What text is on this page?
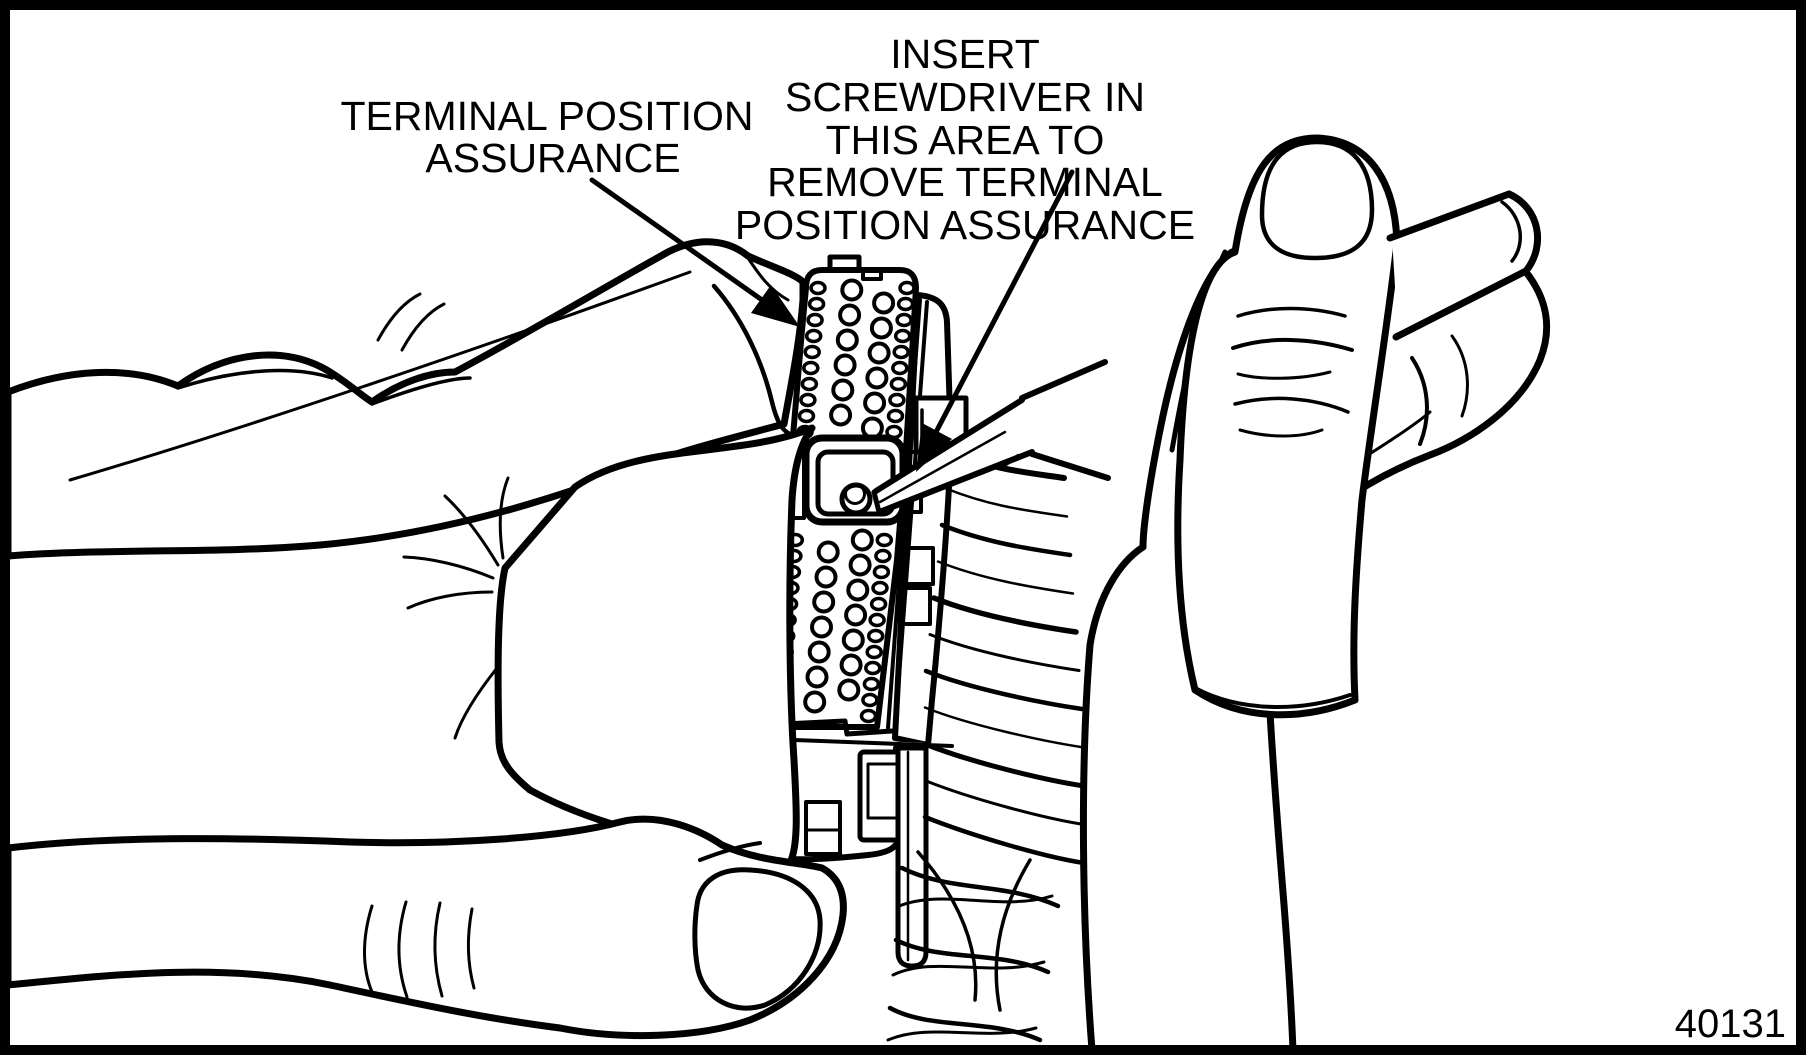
TERMINAL POSITION
ASSURANCE
INSERT
SCREWDRIVER IN
THIS AREA TO
REMOVE TERMINAL
POSITION ASSURANCE
40131
